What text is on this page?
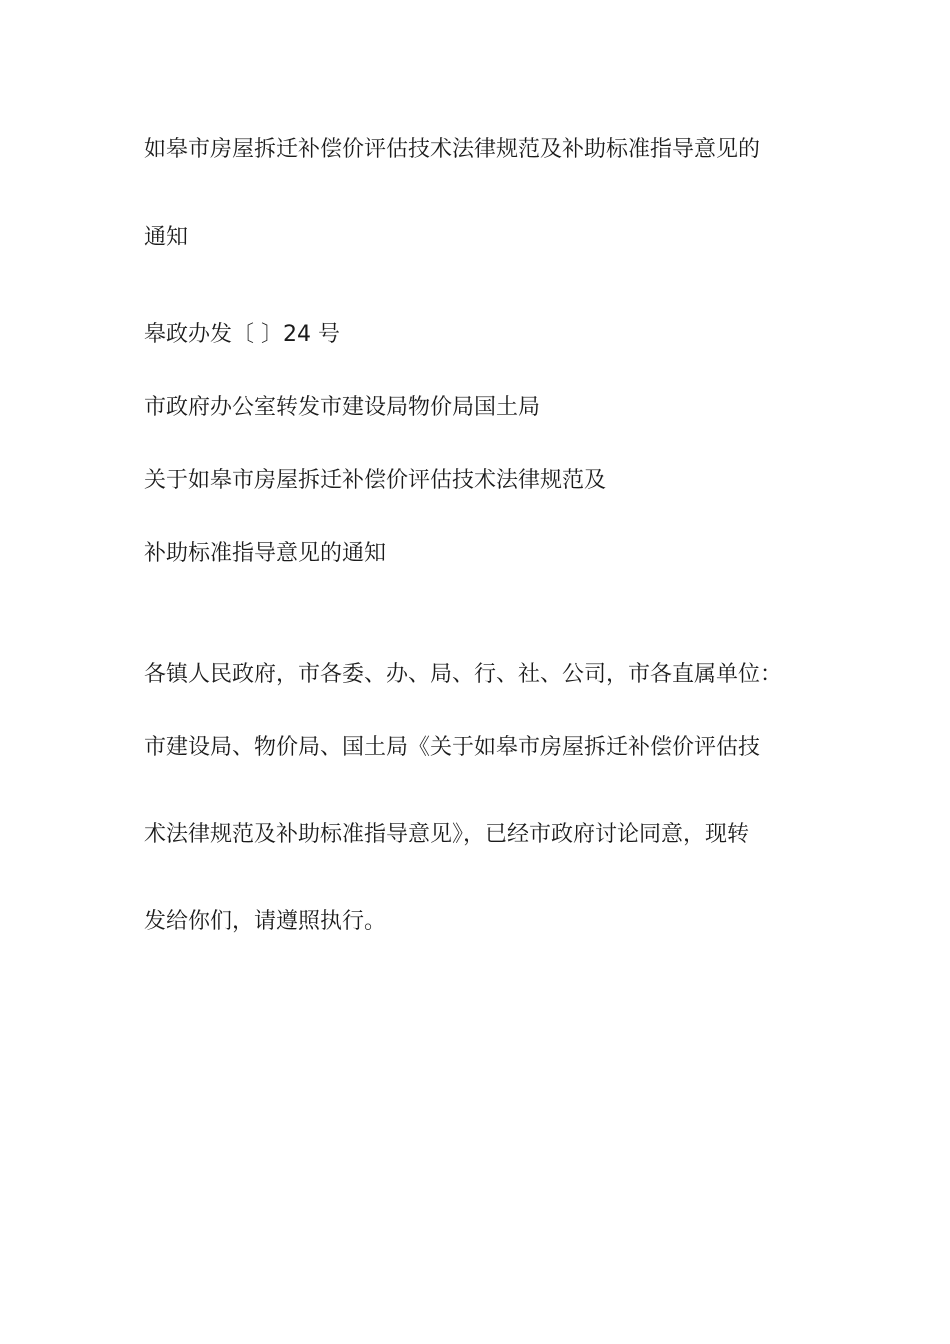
如皋市房屋拆迁补偿价评估技术法律规范及补助标准指导意见的
通知
皋政办发〔 〕24 号
市政府办公室转发市建设局物价局国土局
关于如皋市房屋拆迁补偿价评估技术法律规范及
补助标准指导意见的通知
各镇人民政府，市各委、办、局、行、社、公司，市各直属单位：
市建设局、物价局、国土局《关于如皋市房屋拆迁补偿价评估技
术法律规范及补助标准指导意见》，已经市政府讨论同意，现转
发给你们，请遵照执行。
